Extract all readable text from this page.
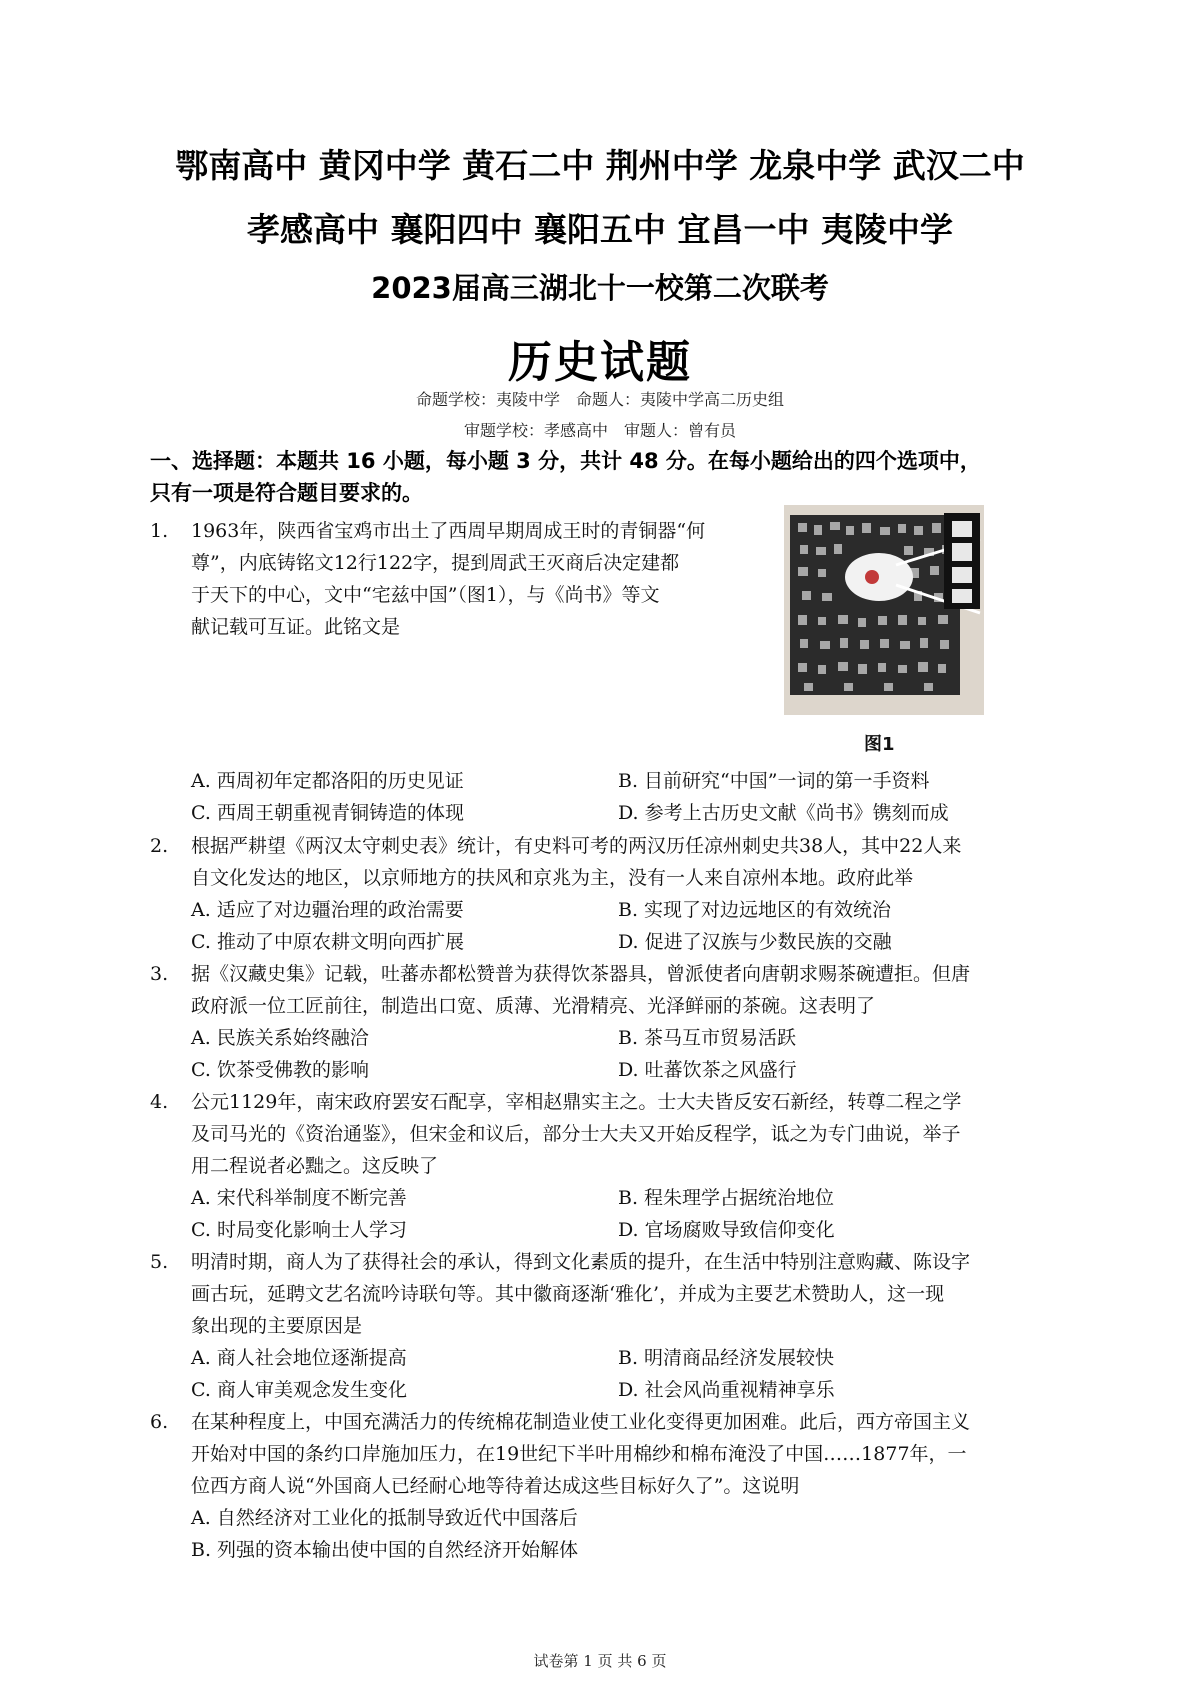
鄂南高中 黄冈中学 黄石二中 荆州中学 龙泉中学 武汉二中
孝感高中 襄阳四中 襄阳五中 宜昌一中 夷陵中学
2023届高三湖北十一校第二次联考
历史试题
命题学校：夷陵中学　命题人：夷陵中学高二历史组
审题学校：孝感高中　审题人：曾有员
一、选择题：本题共 16 小题，每小题 3 分，共计 48 分。在每小题给出的四个选项中，
只有一项是符合题目要求的。
图1
1.	1963年，陕西省宝鸡市出土了西周早期周成王时的青铜器“何
尊”，内底铸铭文12行122字，提到周武王灭商后决定建都
于天下的中心，文中“宅兹中国”（图1），与《尚书》等文
献记载可互证。此铭文是
A. 西周初年定都洛阳的历史见证	B. 目前研究“中国”一词的第一手资料
C. 西周王朝重视青铜铸造的体现	D. 参考上古历史文献《尚书》镌刻而成
2.	根据严耕望《两汉太守刺史表》统计，有史料可考的两汉历任凉州刺史共38人，其中22人来
自文化发达的地区，以京师地方的扶风和京兆为主，没有一人来自凉州本地。政府此举
A. 适应了对边疆治理的政治需要	B. 实现了对边远地区的有效统治
C. 推动了中原农耕文明向西扩展	D. 促进了汉族与少数民族的交融
3.	据《汉藏史集》记载，吐蕃赤都松赞普为获得饮茶器具，曾派使者向唐朝求赐茶碗遭拒。但唐
政府派一位工匠前往，制造出口宽、质薄、光滑精亮、光泽鲜丽的茶碗。这表明了
A. 民族关系始终融洽	B. 茶马互市贸易活跃
C. 饮茶受佛教的影响	D. 吐蕃饮茶之风盛行
4.	公元1129年，南宋政府罢安石配享，宰相赵鼎实主之。士大夫皆反安石新经，转尊二程之学
及司马光的《资治通鉴》，但宋金和议后，部分士大夫又开始反程学，诋之为专门曲说，举子
用二程说者必黜之。这反映了
A. 宋代科举制度不断完善	B. 程朱理学占据统治地位
C. 时局变化影响士人学习	D. 官场腐败导致信仰变化
5.	明清时期，商人为了获得社会的承认，得到文化素质的提升，在生活中特别注意购藏、陈设字
画古玩，延聘文艺名流吟诗联句等。其中徽商逐渐‘雅化’，并成为主要艺术赞助人，这一现
象出现的主要原因是
A. 商人社会地位逐渐提高	B. 明清商品经济发展较快
C. 商人审美观念发生变化	D. 社会风尚重视精神享乐
6.	在某种程度上，中国充满活力的传统棉花制造业使工业化变得更加困难。此后，西方帝国主义
开始对中国的条约口岸施加压力，在19世纪下半叶用棉纱和棉布淹没了中国……1877年，一
位西方商人说“外国商人已经耐心地等待着达成这些目标好久了”。这说明
A. 自然经济对工业化的抵制导致近代中国落后
B. 列强的资本输出使中国的自然经济开始解体
试卷第 1 页 共 6 页
